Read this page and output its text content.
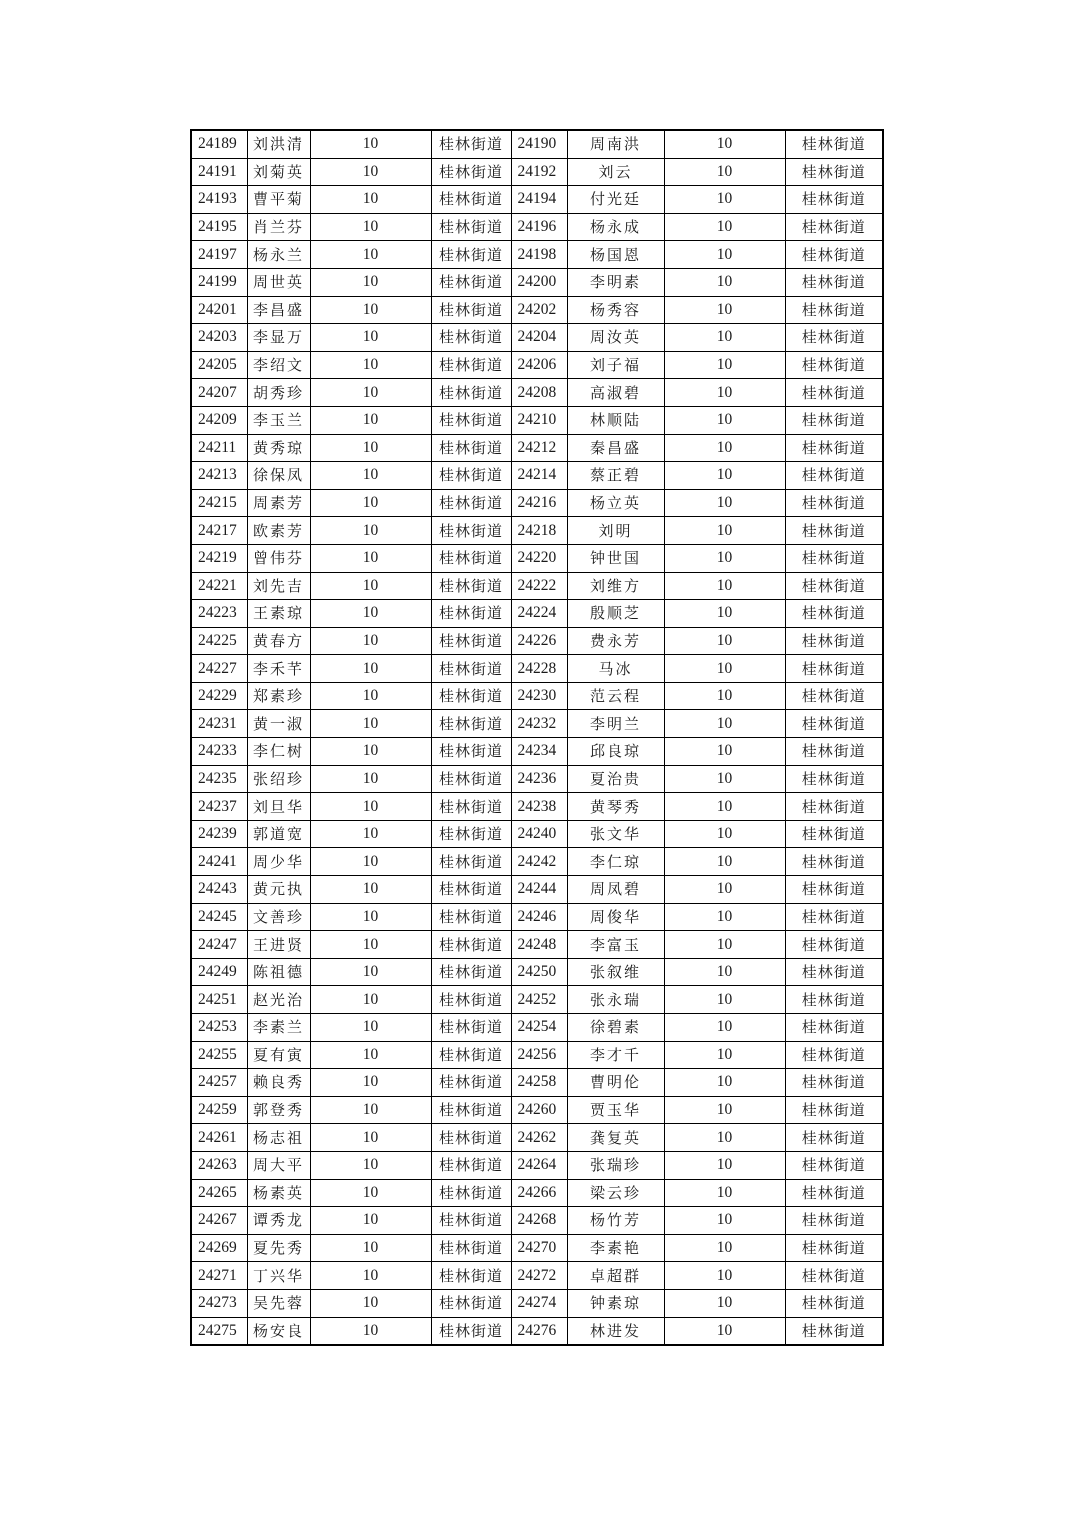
24189	刘洪清	10	桂林街道	24190	周南洪	10	桂林街道
24191	刘菊英	10	桂林街道	24192	刘云	10	桂林街道
24193	曹平菊	10	桂林街道	24194	付光廷	10	桂林街道
24195	肖兰芬	10	桂林街道	24196	杨永成	10	桂林街道
24197	杨永兰	10	桂林街道	24198	杨国恩	10	桂林街道
24199	周世英	10	桂林街道	24200	李明素	10	桂林街道
24201	李昌盛	10	桂林街道	24202	杨秀容	10	桂林街道
24203	李显万	10	桂林街道	24204	周汝英	10	桂林街道
24205	李绍文	10	桂林街道	24206	刘子福	10	桂林街道
24207	胡秀珍	10	桂林街道	24208	高淑碧	10	桂林街道
24209	李玉兰	10	桂林街道	24210	林顺陆	10	桂林街道
24211	黄秀琼	10	桂林街道	24212	秦昌盛	10	桂林街道
24213	徐保凤	10	桂林街道	24214	蔡正碧	10	桂林街道
24215	周素芳	10	桂林街道	24216	杨立英	10	桂林街道
24217	欧素芳	10	桂林街道	24218	刘明	10	桂林街道
24219	曾伟芬	10	桂林街道	24220	钟世国	10	桂林街道
24221	刘先吉	10	桂林街道	24222	刘维方	10	桂林街道
24223	王素琼	10	桂林街道	24224	殷顺芝	10	桂林街道
24225	黄春方	10	桂林街道	24226	费永芳	10	桂林街道
24227	李禾芊	10	桂林街道	24228	马冰	10	桂林街道
24229	郑素珍	10	桂林街道	24230	范云程	10	桂林街道
24231	黄一淑	10	桂林街道	24232	李明兰	10	桂林街道
24233	李仁树	10	桂林街道	24234	邱良琼	10	桂林街道
24235	张绍珍	10	桂林街道	24236	夏治贵	10	桂林街道
24237	刘旦华	10	桂林街道	24238	黄琴秀	10	桂林街道
24239	郭道宽	10	桂林街道	24240	张文华	10	桂林街道
24241	周少华	10	桂林街道	24242	李仁琼	10	桂林街道
24243	黄元执	10	桂林街道	24244	周凤碧	10	桂林街道
24245	文善珍	10	桂林街道	24246	周俊华	10	桂林街道
24247	王进贤	10	桂林街道	24248	李富玉	10	桂林街道
24249	陈祖德	10	桂林街道	24250	张叙维	10	桂林街道
24251	赵光治	10	桂林街道	24252	张永瑞	10	桂林街道
24253	李素兰	10	桂林街道	24254	徐碧素	10	桂林街道
24255	夏有寅	10	桂林街道	24256	李才千	10	桂林街道
24257	赖良秀	10	桂林街道	24258	曹明伦	10	桂林街道
24259	郭登秀	10	桂林街道	24260	贾玉华	10	桂林街道
24261	杨志祖	10	桂林街道	24262	龚复英	10	桂林街道
24263	周大平	10	桂林街道	24264	张瑞珍	10	桂林街道
24265	杨素英	10	桂林街道	24266	梁云珍	10	桂林街道
24267	谭秀龙	10	桂林街道	24268	杨竹芳	10	桂林街道
24269	夏先秀	10	桂林街道	24270	李素艳	10	桂林街道
24271	丁兴华	10	桂林街道	24272	卓超群	10	桂林街道
24273	吴先蓉	10	桂林街道	24274	钟素琼	10	桂林街道
24275	杨安良	10	桂林街道	24276	林进发	10	桂林街道
